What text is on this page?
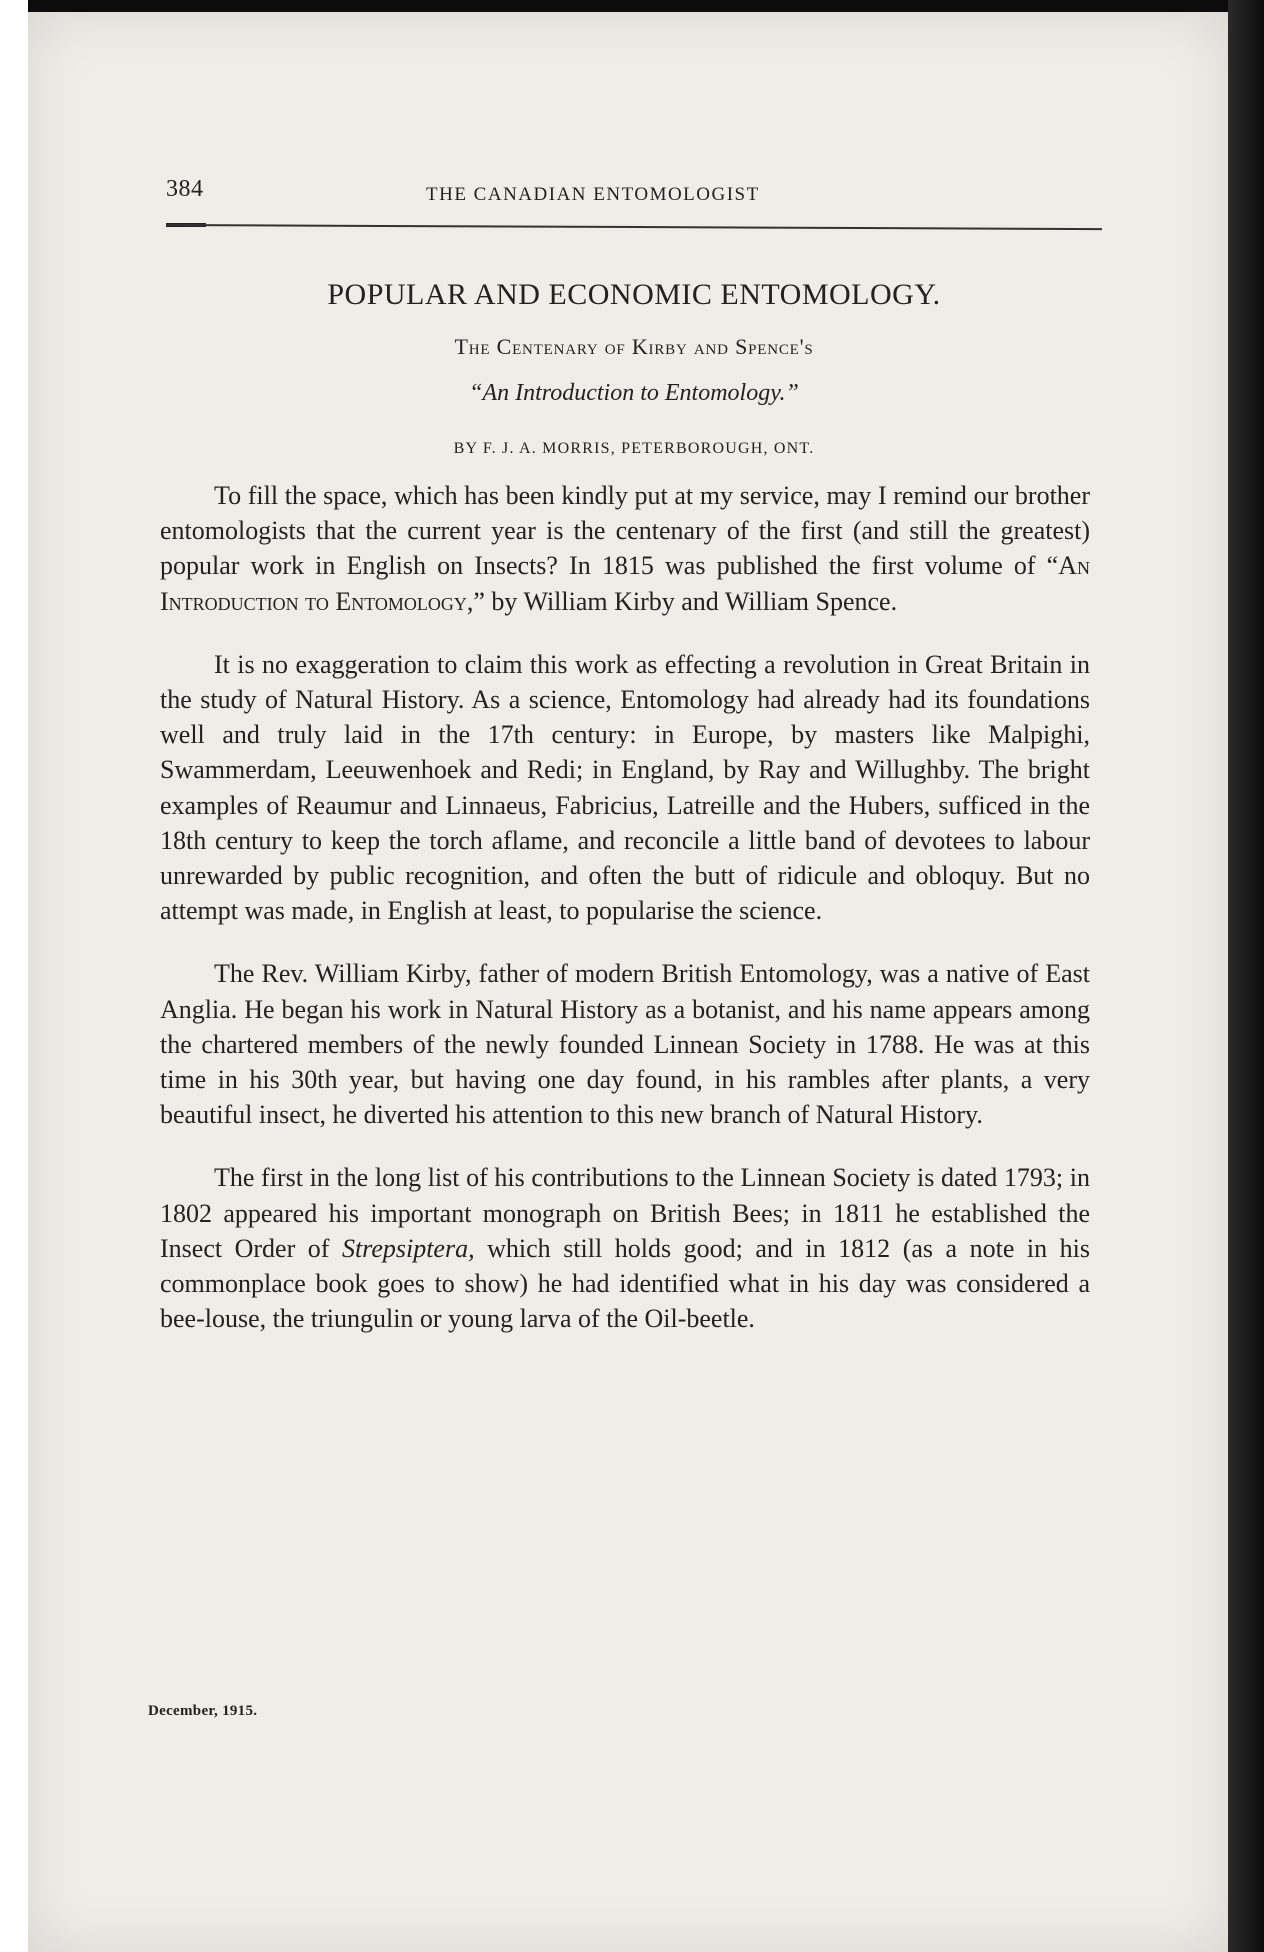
384	THE CANADIAN ENTOMOLOGIST
POPULAR AND ECONOMIC ENTOMOLOGY.
The Centenary of Kirby and Spence's
“An Introduction to Entomology.”
BY F. J. A. MORRIS, PETERBOROUGH, ONT.

To fill the space, which has been kindly put at my service, may I remind our brother entomologists that the current year is the centenary of the first (and still the greatest) popular work in English on Insects? In 1815 was published the first volume of “An Introduction to Entomology,” by William Kirby and William Spence.

It is no exaggeration to claim this work as effecting a revolution in Great Britain in the study of Natural History. As a science, Entomology had already had its foundations well and truly laid in the 17th century: in Europe, by masters like Malpighi, Swammerdam, Leeuwenhoek and Redi; in England, by Ray and Willughby. The bright examples of Reaumur and Linnaeus, Fabricius, Latreille and the Hubers, sufficed in the 18th century to keep the torch aflame, and reconcile a little band of devotees to labour unrewarded by public recognition, and often the butt of ridicule and obloquy. But no attempt was made, in English at least, to popularise the science.

The Rev. William Kirby, father of modern British Entomology, was a native of East Anglia. He began his work in Natural History as a botanist, and his name appears among the chartered members of the newly founded Linnean Society in 1788. He was at this time in his 30th year, but having one day found, in his rambles after plants, a very beautiful insect, he diverted his attention to this new branch of Natural History.

The first in the long list of his contributions to the Linnean Society is dated 1793; in 1802 appeared his important monograph on British Bees; in 1811 he established the Insect Order of Strepsiptera, which still holds good; and in 1812 (as a note in his commonplace book goes to show) he had identified what in his day was considered a bee-louse, the triungulin or young larva of the Oil-beetle.

December, 1915.
